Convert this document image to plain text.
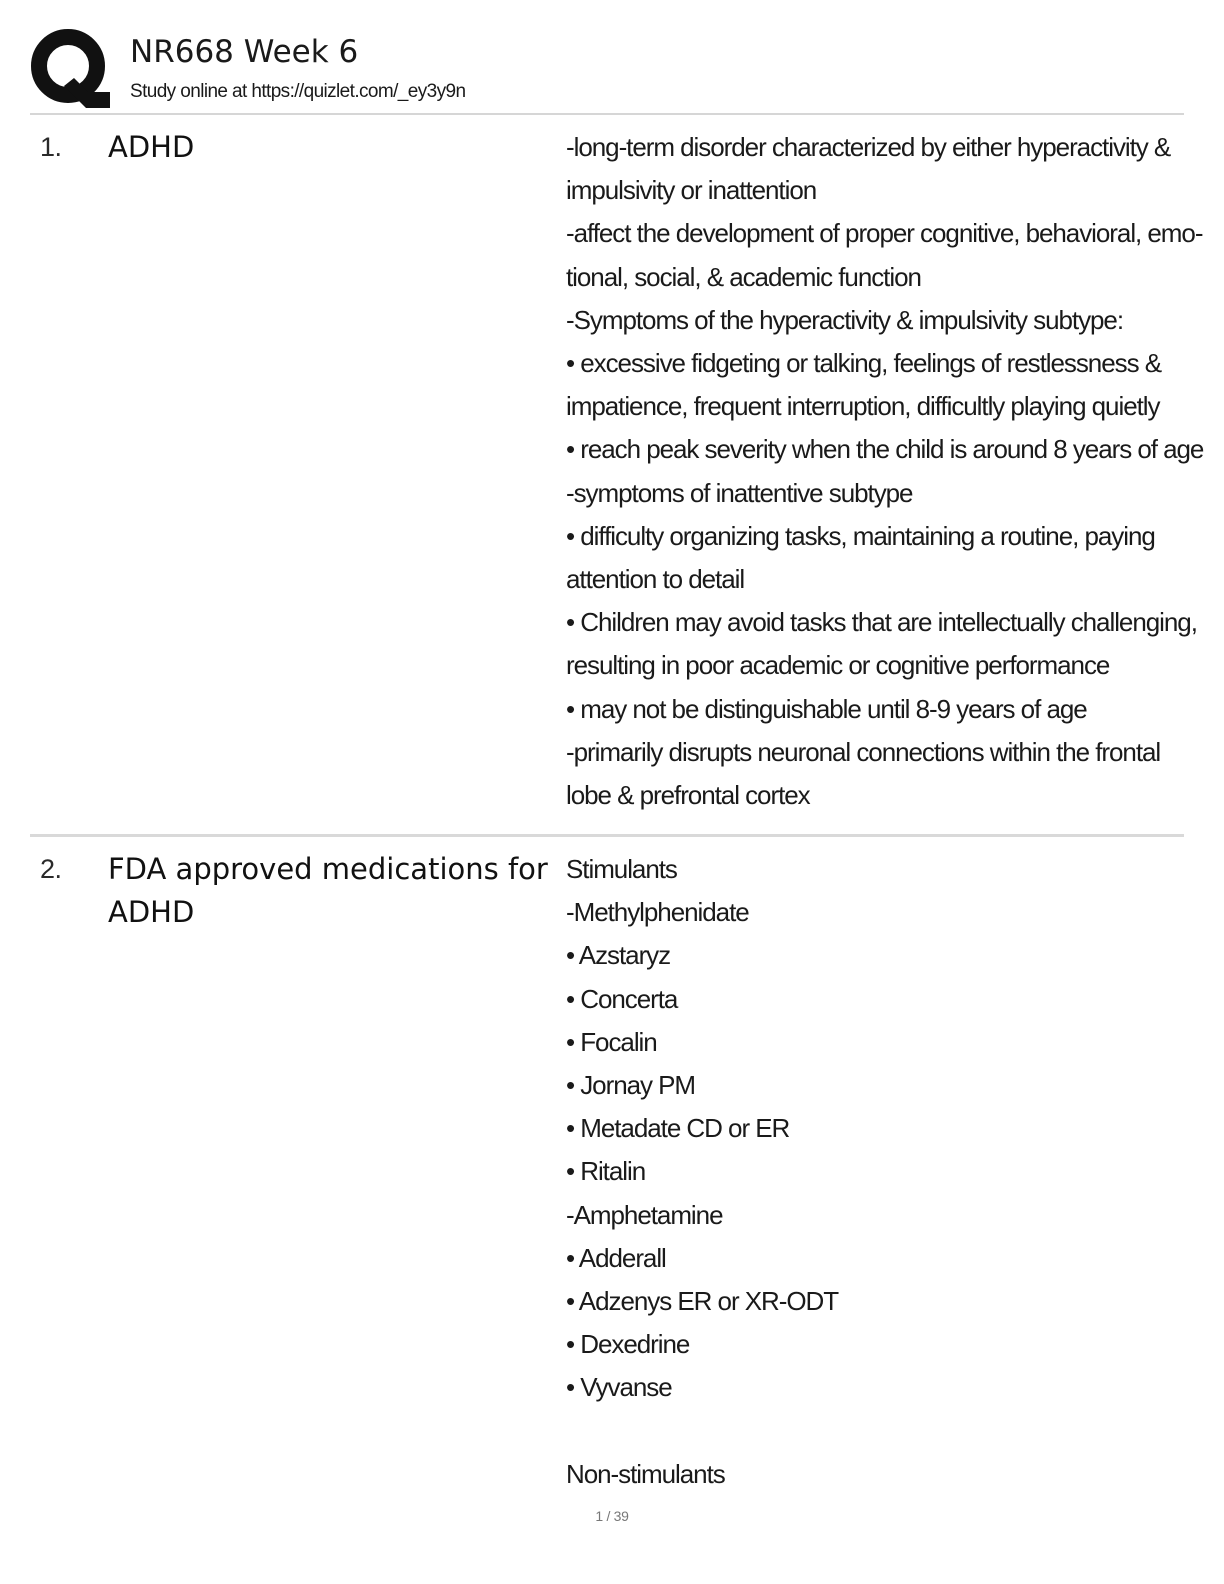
NR668 Week 6
Study online at https://quizlet.com/_ey3y9n
1. ADHD	-long-term disorder characterized by either hyperactivity &
impulsivity or inattention
-affect the development of proper cognitive, behavioral, emo-
tional, social, & academic function
-Symptoms of the hyperactivity & impulsivity subtype:
• excessive fidgeting or talking, feelings of restlessness &
impatience, frequent interruption, difficultly playing quietly
• reach peak severity when the child is around 8 years of age
-symptoms of inattentive subtype
• difficulty organizing tasks, maintaining a routine, paying
attention to detail
• Children may avoid tasks that are intellectually challenging,
resulting in poor academic or cognitive performance
• may not be distinguishable until 8-9 years of age
-primarily disrupts neuronal connections within the frontal
lobe & prefrontal cortex
2. FDA approved medications for ADHD
Stimulants
-Methylphenidate
• Azstaryz
• Concerta
• Focalin
• Jornay PM
• Metadate CD or ER
• Ritalin
-Amphetamine
• Adderall
• Adzenys ER or XR-ODT
• Dexedrine
• Vyvanse
Non-stimulants
1 / 39
